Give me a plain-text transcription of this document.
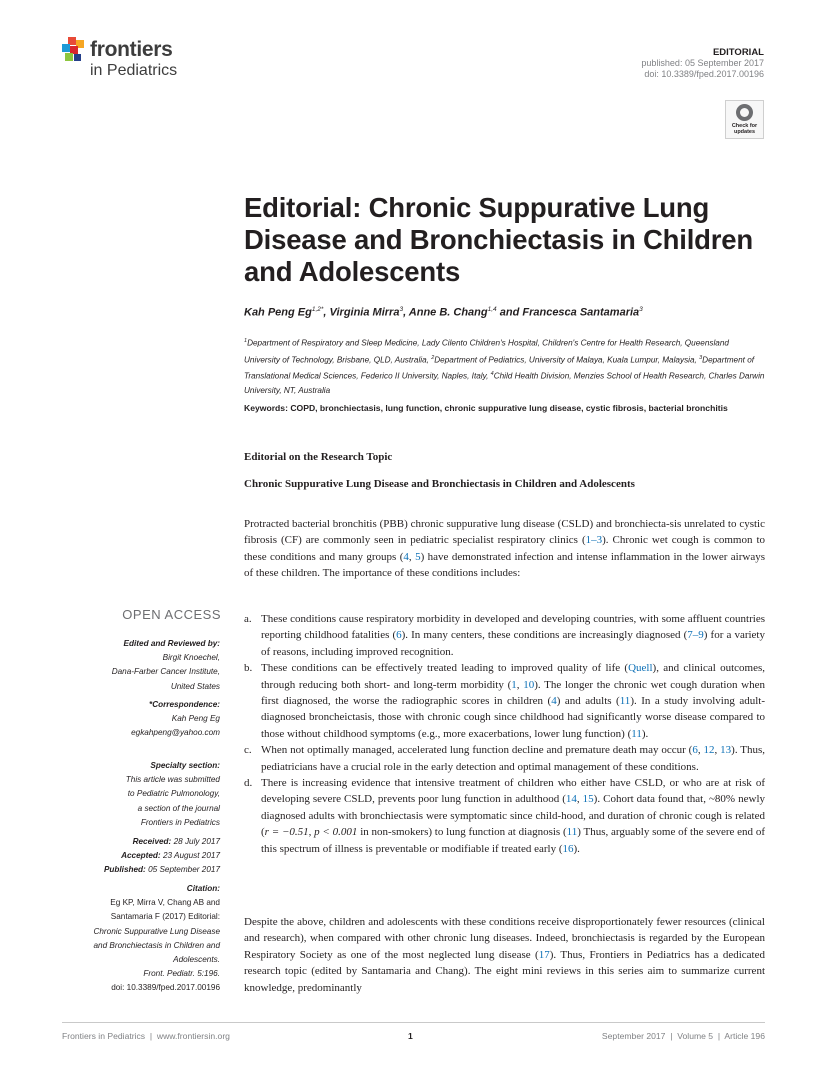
frontiers
in Pediatrics
EDITORIAL
published: 05 September 2017
doi: 10.3389/fped.2017.00196
Check for updates
Editorial: Chronic Suppurative Lung Disease and Bronchiectasis in Children and Adolescents
Kah Peng $Eg^{1,2*}$, Virginia Mirra$^3$, Anne B. Chang$^{1,4}$ and Francesca Santamaria$^3$
$^1$Department of Respiratory and Sleep Medicine, Lady Cilento Children's Hospital, Children's Centre for Health Research, Queensland University of Technology, Brisbane, QLD, Australia, $^2$Department of Pediatrics, University of Malaya, Kuala Lumpur, Malaysia, $^3$Department of Translational Medical Sciences, Federico II University, Naples, Italy, $^4$Child Health Division, Menzies School of Health Research, Charles Darwin University, NT, Australia
Keywords: COPD, bronchiectasis, lung function, chronic suppurative lung disease, cystic fibrosis, bacterial bronchitis
Editorial on the Research Topic
Chronic Suppurative Lung Disease and Bronchiectasis in Children and Adolescents
Protracted bacterial bronchitis (PBB) chronic suppurative lung disease (CSLD) and bronchiecta-sis unrelated to cystic fibrosis (CF) are commonly seen in pediatric specialist respiratory clinics (1–3). Chronic wet cough is common to these conditions and many groups (4, 5) have demonstrated infection and intense inflammation in the lower airways of these children. The importance of these conditions includes:
a. These conditions cause respiratory morbidity in developed and developing countries, with some affluent countries reporting childhood fatalities (6). In many centers, these conditions are increasingly diagnosed (7–9) for a variety of reasons, including improved recognition.
b. These conditions can be effectively treated leading to improved quality of life (Quell), and clinical outcomes, through reducing both short- and long-term morbidity (1, 10). The longer the chronic wet cough duration when first diagnosed, the worse the radiographic scores in children (4) and adults (11). In a study involving adult-diagnosed broncheictasis, those with chronic cough since childhood had significantly worse disease compared to those without childhood symptoms (e.g., more exacerbations, lower lung function) (11).
c. When not optimally managed, accelerated lung function decline and premature death may occur (6, 12, 13). Thus, pediatricians have a crucial role in the early detection and optimal management of these conditions.
d. There is increasing evidence that intensive treatment of children who either have CSLD, or who are at risk of developing severe CSLD, prevents poor lung function in adulthood (14, 15). Cohort data found that, ~80% newly diagnosed adults with bronchiectasis were symptomatic since child-hood, and duration of chronic cough is related (r = −0.51, p < 0.001 in non-smokers) to lung function at diagnosis (11) Thus, arguably some of the severe end of this spectrum of illness is preventable or modifiable if treated early (16).
Despite the above, children and adolescents with these conditions receive disproportionately fewer resources (clinical and research), when compared with other chronic lung diseases. Indeed, bronchiectasis is regarded by the European Respiratory Society as one of the most neglected lung disease (17). Thus, Frontiers in Pediatrics has a dedicated research topic (edited by Santamaria and Chang). The eight mini reviews in this series aim to summarize current knowledge, predominantly
OPEN ACCESS
Edited and Reviewed by:
Birgit Knoechel,
Dana-Farber Cancer Institute,
United States
*Correspondence:
Kah Peng Eg
egkahpeng@yahoo.com
Specialty section:
This article was submitted
to Pediatric Pulmonology,
a section of the journal
Frontiers in Pediatrics
Received: 28 July 2017
Accepted: 23 August 2017
Published: 05 September 2017
Citation:
Eg KP, Mirra V, Chang AB and
Santamaria F (2017) Editorial:
Chronic Suppurative Lung Disease
and Bronchiectasis in Children and
Adolescents.
Front. Pediatr. 5:196.
doi: 10.3389/fped.2017.00196
Frontiers in Pediatrics  |  www.frontiersin.org	1	September 2017  |  Volume 5  |  Article 196
